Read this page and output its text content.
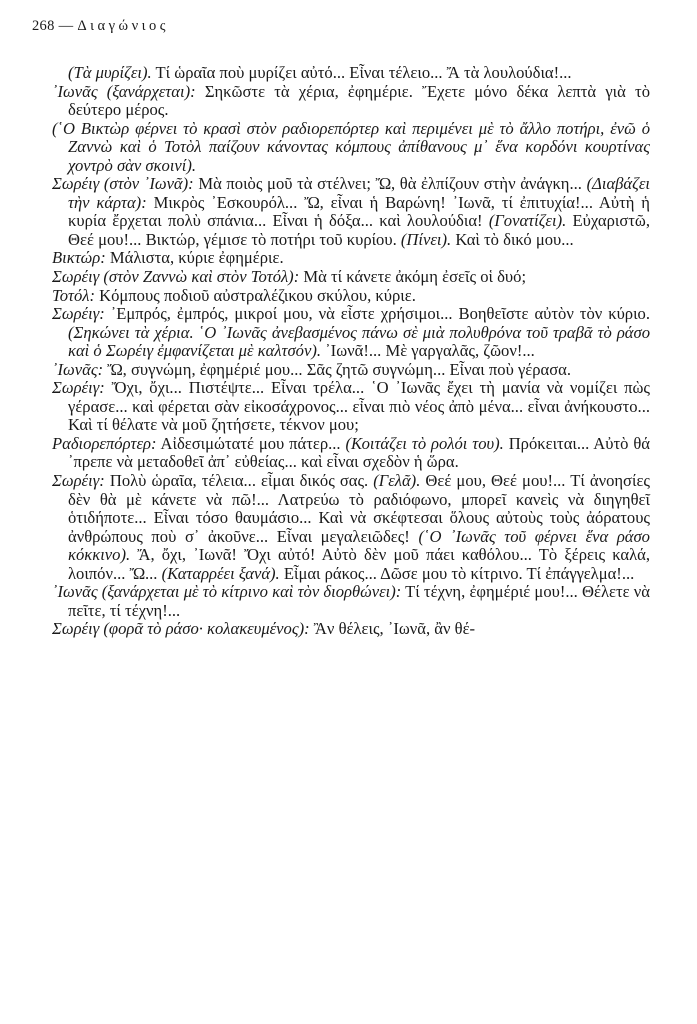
268 — Διαγώνιος

(Τὰ μυρίζει). Τί ὡραῖα ποὺ μυρίζει αὐτό... Εἶναι τέλειο... Ἄ τὰ λουλούδια!...

᾿Ιωνᾶς (ξανάρχεται): Σηκῶστε τὰ χέρια, ἐφημέριε. Ἔχετε μόνο δέκα λεπτὰ γιὰ τὸ δεύτερο μέρος.

(῾Ο Βικτὼρ φέρνει τὸ κρασὶ στὸν ραδιορεπόρτερ καὶ περιμένει μὲ τὸ ἄλλο ποτήρι, ἐνῶ ὁ Ζαννὼ καὶ ὁ Τοτὸλ παίζουν κάνοντας κόμπους ἀπίθανους μ᾿ ἕνα κορδόνι κουρτίνας χοντρὸ σὰν σκοινί).

Σωρέιγ (στὸν ᾿Ιωνᾶ): Μὰ ποιὸς μοῦ τὰ στέλνει; Ὤ, θὰ ἐλπίζουν στὴν ἀνάγκη... (Διαβάζει τὴν κάρτα): Μικρὸς ᾿Εσκουρόλ... Ὤ, εἶναι ἡ Βαρώνη! ᾿Ιωνᾶ, τί ἐπιτυχία!... Αὐτὴ ἡ κυρία ἔρχεται πολὺ σπάνια... Εἶναι ἡ δόξα... καὶ λουλούδια! (Γονατίζει). Εὐχαριστῶ, Θεέ μου!... Βικτώρ, γέμισε τὸ ποτήρι τοῦ κυρίου. (Πίνει). Καὶ τὸ δικό μου...

Βικτώρ: Μάλιστα, κύριε ἐφημέριε.

Σωρέιγ (στὸν Ζαννὼ καὶ στὸν Τοτόλ): Μὰ τί κάνετε ἀκόμη ἐσεῖς οἱ δυό;

Τοτόλ: Κόμπους ποδιοῦ αὐστραλέζικου σκύλου, κύριε.

Σωρέιγ: ᾿Εμπρός, ἐμπρός, μικροί μου, νὰ εἶστε χρήσιμοι... Βοηθεῖστε αὐτὸν τὸν κύριο. (Σηκώνει τὰ χέρια. ῾Ο ᾿Ιωνᾶς ἀνεβασμένος πάνω σὲ μιὰ πολυθρόνα τοῦ τραβᾶ τὸ ράσο καὶ ὁ Σωρέιγ ἐμφανίζεται μὲ καλτσόν). ᾿Ιωνᾶ!... Μὲ γαργαλᾶς, ζῶον!...

᾿Ιωνᾶς: Ὤ, συγνώμη, ἐφημέριέ μου... Σᾶς ζητῶ συγνώμη... Εἶναι ποὺ γέρασα.

Σωρέιγ: Ὄχι, ὄχι... Πιστέψτε... Εἶναι τρέλα... ῾Ο ᾿Ιωνᾶς ἔχει τὴ μανία νὰ νομίζει πὼς γέρασε... καὶ φέρεται σὰν εἰκοσάχρονος... εἶναι πιὸ νέος ἀπὸ μένα... εἶναι ἀνήκουστο... Καὶ τί θέλατε νὰ μοῦ ζητήσετε, τέκνον μου;

Ραδιορεπόρτερ: Αἰδεσιμώτατέ μου πάτερ... (Κοιτάζει τὸ ρολόι του). Πρόκειται... Αὐτὸ θά ᾿πρεπε νὰ μεταδοθεῖ ἀπ᾿ εὐθείας... καὶ εἶναι σχεδὸν ἡ ὥρα.

Σωρέιγ: Πολὺ ὡραῖα, τέλεια... εἶμαι δικός σας. (Γελᾶ). Θεέ μου, Θεέ μου!... Τί ἀνοησίες δὲν θὰ μὲ κάνετε νὰ πῶ!... Λατρεύω τὸ ραδιόφωνο, μπορεῖ κανεὶς νὰ διηγηθεῖ ὁτιδήποτε... Εἶναι τόσο θαυμάσιο... Καὶ νὰ σκέφτεσαι ὅλους αὐτοὺς τοὺς ἀόρατους ἀνθρώπους ποὺ σ᾿ ἀκοῦνε... Εἶναι μεγαλειῶδες! (῾Ο ᾿Ιωνᾶς τοῦ φέρνει ἕνα ράσο κόκκινο). Ἄ, ὄχι, ᾿Ιωνᾶ! Ὄχι αὐτό! Αὐτὸ δὲν μοῦ πάει καθόλου... Τὸ ξέρεις καλά, λοιπόν... Ὤ... (Καταρρέει ξανά). Εἶμαι ράκος... Δῶσε μου τὸ κίτρινο. Τί ἐπάγγελμα!...

᾿Ιωνᾶς (ξανάρχεται μὲ τὸ κίτρινο καὶ τὸν διορθώνει): Τί τέχνη, ἐφημέριέ μου!... Θέλετε νὰ πεῖτε, τί τέχνη!...

Σωρέιγ (φορᾶ τὸ ράσο· κολακευμένος): Ἂν θέλεις, ᾿Ιωνᾶ, ἂν θέ-
